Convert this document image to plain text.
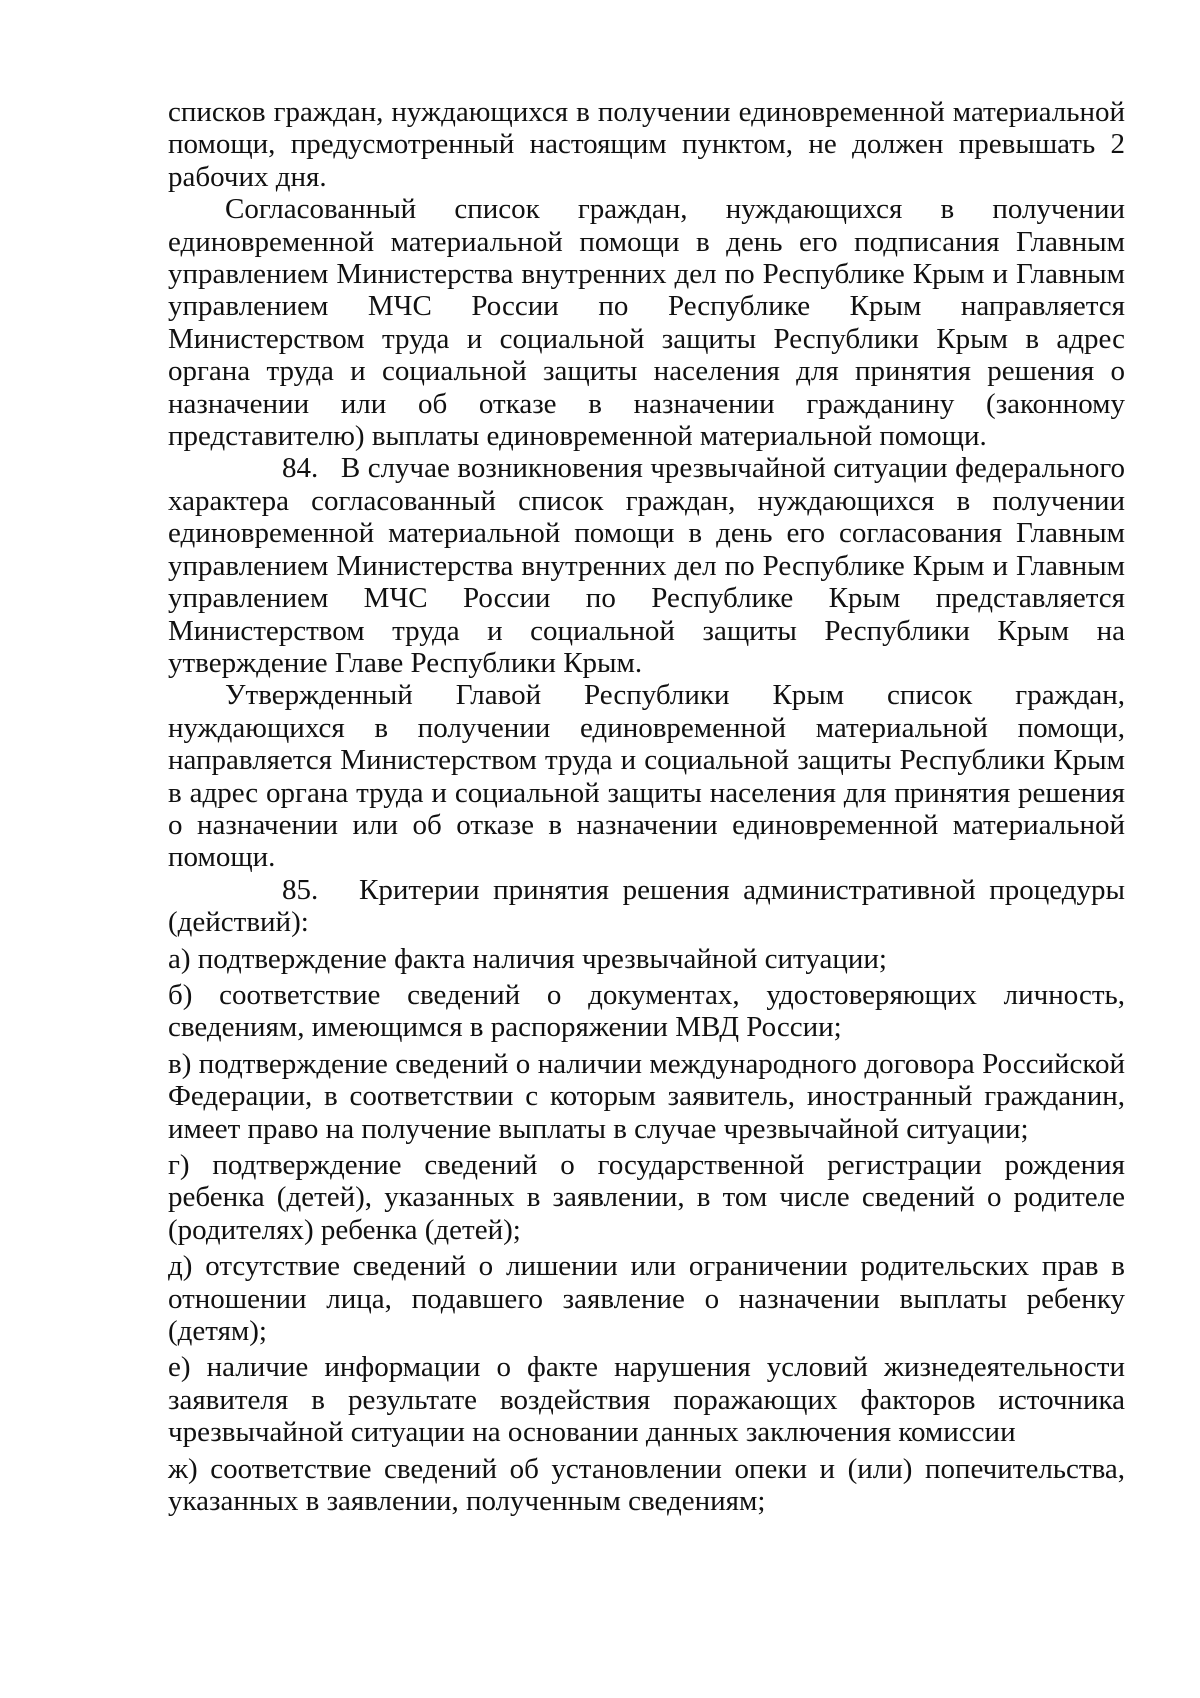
списков граждан, нуждающихся в получении единовременной материальной помощи, предусмотренный настоящим пунктом, не должен превышать 2 рабочих дня.

Согласованный список граждан, нуждающихся в получении единовременной материальной помощи в день его подписания Главным управлением Министерства внутренних дел по Республике Крым и Главным управлением МЧС России по Республике Крым направляется Министерством труда и социальной защиты Республики Крым в адрес органа труда и социальной защиты населения для принятия решения о назначении или об отказе в назначении гражданину (законному представителю) выплаты единовременной материальной помощи.

84. В случае возникновения чрезвычайной ситуации федерального характера согласованный список граждан, нуждающихся в получении единовременной материальной помощи в день его согласования Главным управлением Министерства внутренних дел по Республике Крым и Главным управлением МЧС России по Республике Крым представляется Министерством труда и социальной защиты Республики Крым на утверждение Главе Республики Крым.

Утвержденный Главой Республики Крым список граждан, нуждающихся в получении единовременной материальной помощи, направляется Министерством труда и социальной защиты Республики Крым в адрес органа труда и социальной защиты населения для принятия решения о назначении или об отказе в назначении единовременной материальной помощи.

85. Критерии принятия решения административной процедуры (действий):

а) подтверждение факта наличия чрезвычайной ситуации;

б) соответствие сведений о документах, удостоверяющих личность, сведениям, имеющимся в распоряжении МВД России;

в) подтверждение сведений о наличии международного договора Российской Федерации, в соответствии с которым заявитель, иностранный гражданин, имеет право на получение выплаты в случае чрезвычайной ситуации;

г) подтверждение сведений о государственной регистрации рождения ребенка (детей), указанных в заявлении, в том числе сведений о родителе (родителях) ребенка (детей);

д) отсутствие сведений о лишении или ограничении родительских прав в отношении лица, подавшего заявление о назначении выплаты ребенку (детям);

е) наличие информации о факте нарушения условий жизнедеятельности заявителя в результате воздействия поражающих факторов источника чрезвычайной ситуации на основании данных заключения комиссии

ж) соответствие сведений об установлении опеки и (или) попечительства, указанных в заявлении, полученным сведениям;
